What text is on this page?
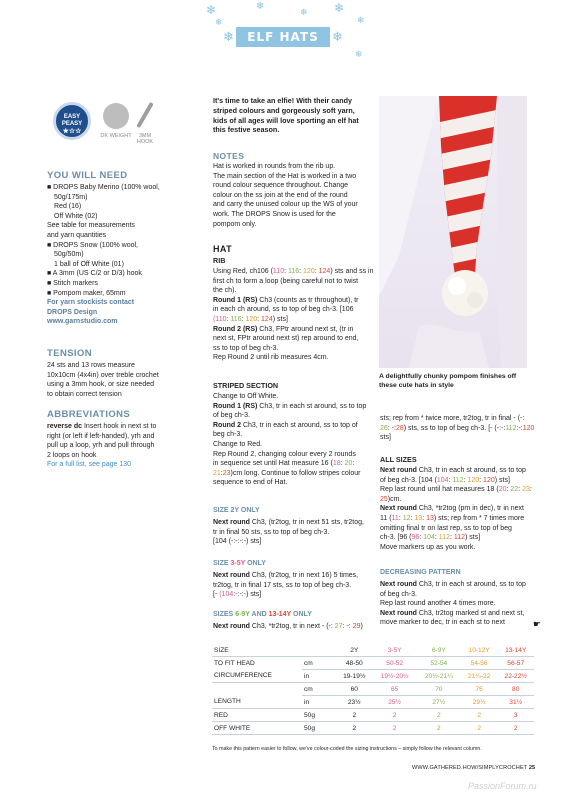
❄
❄
❄	❄ ❄
❄
❄
❄	❄
ELF HATS
EASY
PEASY
★☆☆
DK WEIGHT	3MM HOOK
YOU WILL NEED
■ DROPS Baby Merino (100% wool,
50g/175m)
Red (16)
Off White (02)
See table for measurements
and yarn quantities
■ DROPS Snow (100% wool,
50g/50m)
1 ball of Off White (01)
■ A 3mm (US C/2 or D/3) hook
■ Stitch markers
■ Pompom maker, 65mm
For yarn stockists contact
DROPS Design
www.garnstudio.com
TENSION
24 sts and 13 rows measure
10x10cm (4x4in) over treble crochet
using a 3mm hook, or size needed
to obtain correct tension
ABBREVIATIONS
reverse dc Insert hook in next st to
right (or left if left-handed), yrh and
pull up a loop, yrh and pull through
2 loops on hook
For a full list, see page 130
It's time to take an elfie! With their candy striped colours and gorgeously soft yarn, kids of all ages will love sporting an elf hat this festive season.
NOTES
Hat is worked in rounds from the rib up.
The main section of the Hat is worked in a two
round colour sequence throughout. Change
colour on the ss join at the end of the round
and carry the unused colour up the WS of your
work. The DROPS Snow is used for the
pompom only.
HAT
RIB
Using Red, ch106 (110: 116: 120: 124) sts and ss in
first ch to form a loop (being careful not to twist
the ch).
Round 1 (RS) Ch3 (counts as tr throughout), tr
in each ch around, ss to top of beg ch-3. [106
(110: 116: 120: 124) sts]
Round 2 (RS) Ch3, FPtr around next st, (tr in
next st, FPtr around next st) rep around to end,
ss to top of beg ch-3.
Rep Round 2 until rib measures 4cm.
STRIPED SECTION
Change to Off White.
Round 1 (RS) Ch3, tr in each st around, ss to top
of beg ch-3.
Round 2 Ch3, tr in each st around, ss to top of
beg ch-3.
Change to Red.
Rep Round 2, changing colour every 2 rounds
in sequence set until Hat measure 16 (18: 20:
21:23)cm long. Continue to follow stripes colour
sequence to end of Hat.
SIZE 2Y ONLY
Next round Ch3, (tr2tog, tr in next 51 sts, tr2tog,
tr in final 50 sts, ss to top of beg ch-3.
[104 (-:-:-:-) sts]
SIZE 3-5Y ONLY
Next round Ch3, (tr2tog, tr in next 16) 5 times,
tr2tog, tr in final 17 sts, ss to top of beg ch-3.
[- (104:-:-:-) sts]
SIZES 6-9Y AND 13-14Y ONLY
Next round Ch3, *tr2tog, tr in next - (-: 27: -: 29)
A delightfully chunky pompom finishes off these cute hats in style
sts; rep from * twice more, tr2tog, tr in final - (-:
26: -:28) sts, ss to top of beg ch-3. [- (-:-:112:-:120
sts]
ALL SIZES
Next round Ch3, tr in each st around, ss to top
of beg ch-3. [104 (104: 112: 120: 120) sts]
Rep last round until hat measures 18 (20: 22: 23:
25)cm.
Next round Ch3, *tr2tog (pm in dec), tr in next
11 (11: 12: 13: 13) sts; rep from * 7 times more
omitting final tr on last rep, ss to top of beg
ch-3. [96 (96: 104: 112: 112) sts]
Move markers up as you work.
DECREASING PATTERN
Next round Ch3, tr in each st around, ss to top
of beg ch-3.
Rep last round another 4 times more.
Next round Ch3, tr2tog marked st and next st,
move marker to dec, tr in each st to next	☛
SIZE		2Y	3-5Y	6-9Y	10-12Y	13-14Y
TO FIT HEAD	cm	48-50	50-52	52-54	54-56	56-57
CIRCUMFERENCE	in	19-19½	19½-20½	20½-21¼	21¼-22	22-22½
	cm	60	65	70	75	80
LENGTH	in	23½	25½	27½	29½	31½
RED	50g	2	2	2	2	3
OFF WHITE	50g	2	2	2	2	2
To make this pattern easier to follow, we've colour-coded the sizing instructions – simply follow the relevant column.
WWW.GATHERED.HOW/SIMPLYCROCHET 25
PassionForum.ru
